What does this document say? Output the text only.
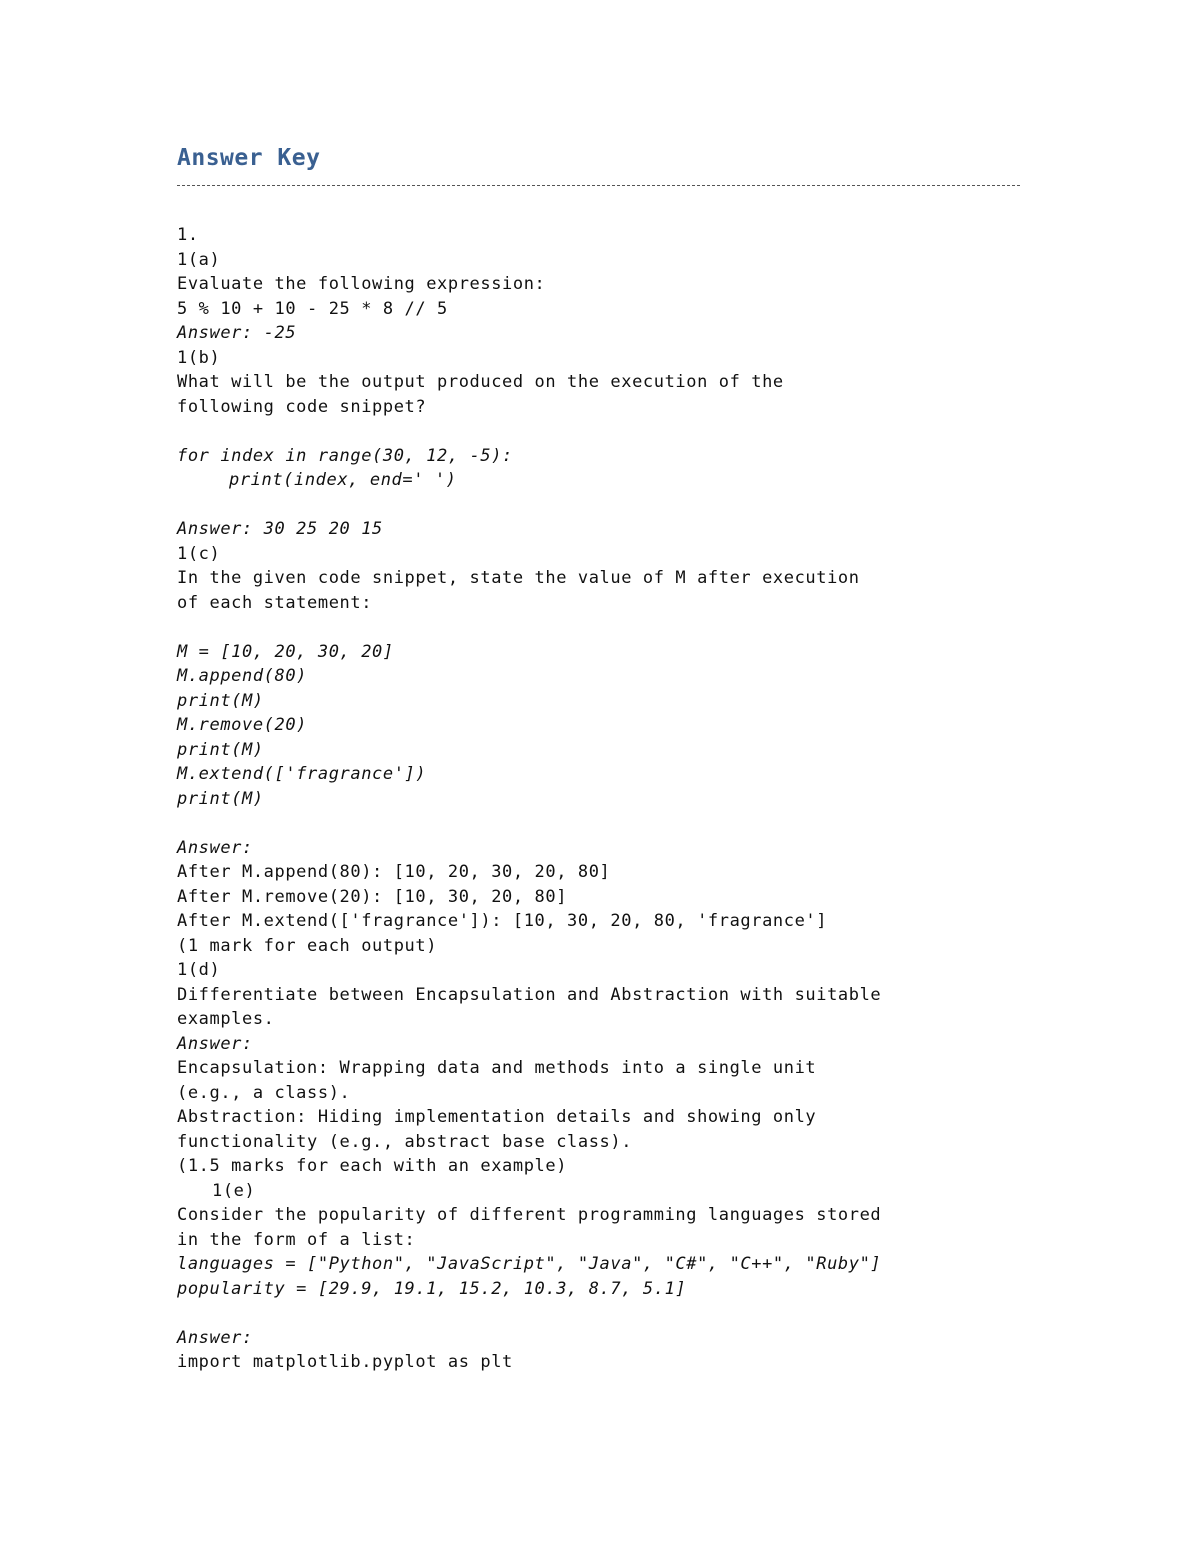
Answer Key
1.
1(a)
Evaluate the following expression:
5 % 10 + 10 - 25 * 8 // 5
Answer: -25
1(b)
What will be the output produced on the execution of the
following code snippet?
for index in range(30, 12, -5):
print(index, end=' ')
Answer: 30 25 20 15
1(c)
In the given code snippet, state the value of M after execution
of each statement:
M = [10, 20, 30, 20]
M.append(80)
print(M)
M.remove(20)
print(M)
M.extend(['fragrance'])
print(M)
Answer:
After M.append(80): [10, 20, 30, 20, 80]
After M.remove(20): [10, 30, 20, 80]
After M.extend(['fragrance']): [10, 30, 20, 80, 'fragrance']
(1 mark for each output)
1(d)
Differentiate between Encapsulation and Abstraction with suitable
examples.
Answer:
Encapsulation: Wrapping data and methods into a single unit
(e.g., a class).
Abstraction: Hiding implementation details and showing only
functionality (e.g., abstract base class).
(1.5 marks for each with an example)
1(e)
Consider the popularity of different programming languages stored
in the form of a list:
languages = ["Python", "JavaScript", "Java", "C#", "C++", "Ruby"]
popularity = [29.9, 19.1, 15.2, 10.3, 8.7, 5.1]
Answer:
import matplotlib.pyplot as plt
